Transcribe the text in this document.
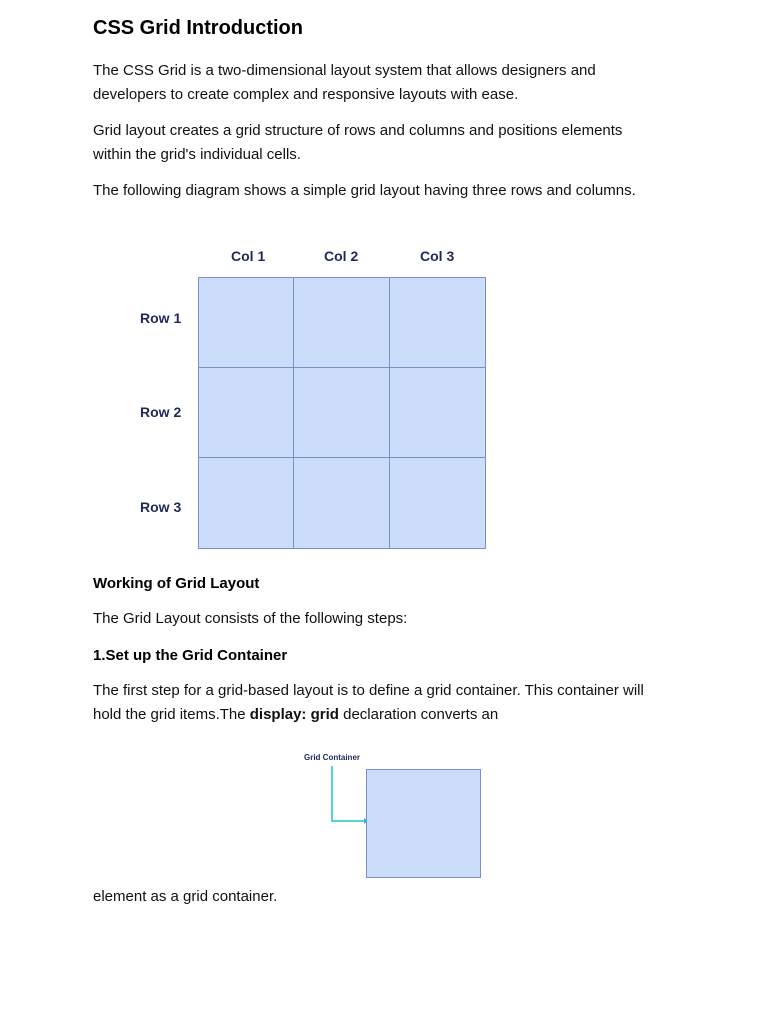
CSS Grid Introduction

The CSS Grid is a two-dimensional layout system that allows designers and developers to create complex and responsive layouts with ease.

Grid layout creates a grid structure of rows and columns and positions elements within the grid's individual cells.

The following diagram shows a simple grid layout having three rows and columns.

Col 1	Col 2	Col 3
Row 1
Row 2
Row 3
Working of Grid Layout

The Grid Layout consists of the following steps:

1.Set up the Grid Container

The first step for a grid-based layout is to define a grid container. This container will hold the grid items.The display: grid declaration converts an

Grid Container

element as a grid container.
